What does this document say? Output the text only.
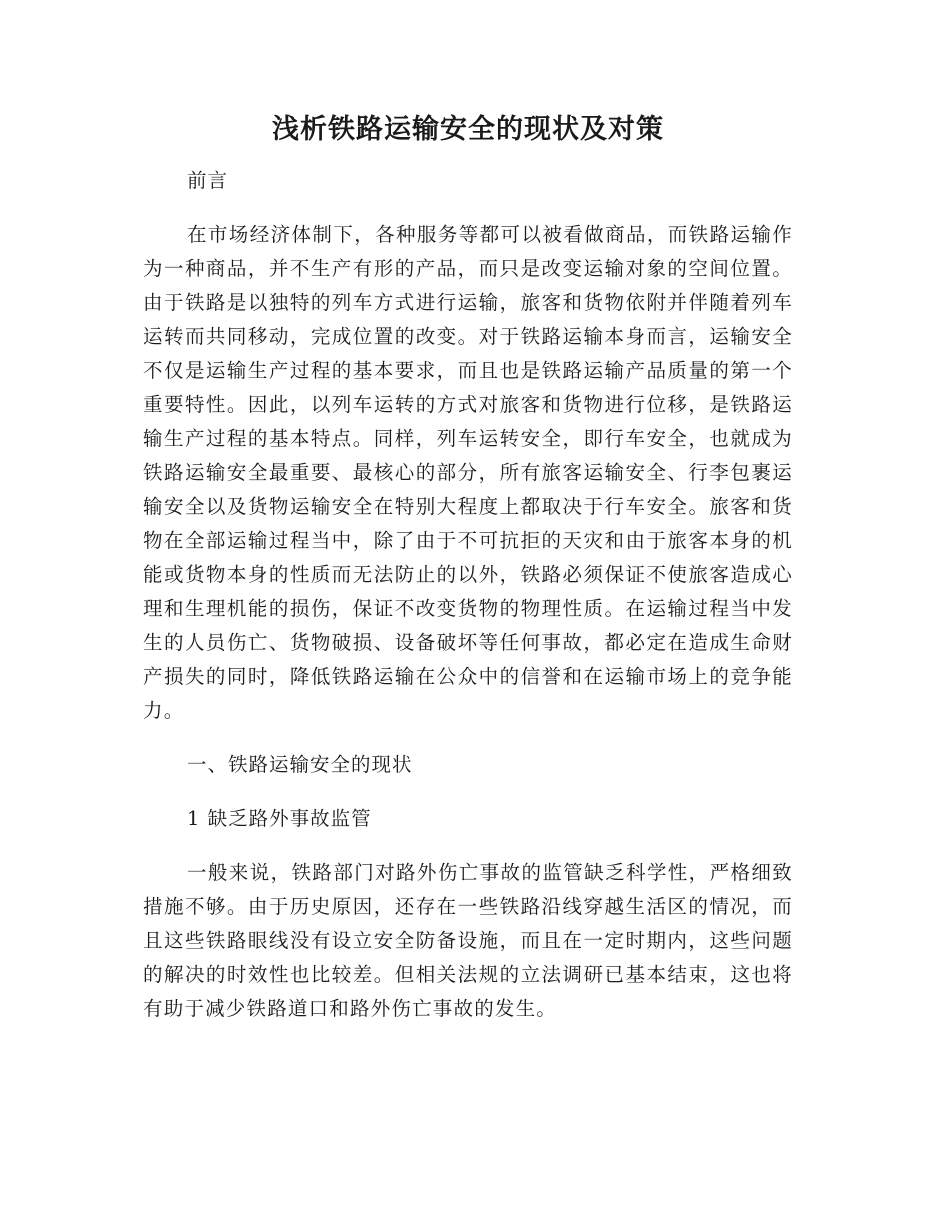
浅析铁路运输安全的现状及对策

前言

在市场经济体制下，各种服务等都可以被看做商品，而铁路运输作为一种商品，并不生产有形的产品，而只是改变运输对象的空间位置。由于铁路是以独特的列车方式进行运输，旅客和货物依附并伴随着列车运转而共同移动，完成位置的改变。对于铁路运输本身而言，运输安全不仅是运输生产过程的基本要求，而且也是铁路运输产品质量的第一个重要特性。因此，以列车运转的方式对旅客和货物进行位移，是铁路运输生产过程的基本特点。同样，列车运转安全，即行车安全，也就成为铁路运输安全最重要、最核心的部分，所有旅客运输安全、行李包裹运输安全以及货物运输安全在特别大程度上都取决于行车安全。旅客和货物在全部运输过程当中，除了由于不可抗拒的天灾和由于旅客本身的机能或货物本身的性质而无法防止的以外，铁路必须保证不使旅客造成心理和生理机能的损伤，保证不改变货物的物理性质。在运输过程当中发生的人员伤亡、货物破损、设备破坏等任何事故，都必定在造成生命财产损失的同时，降低铁路运输在公众中的信誉和在运输市场上的竞争能力。

一、铁路运输安全的现状

1 缺乏路外事故监管

一般来说，铁路部门对路外伤亡事故的监管缺乏科学性，严格细致措施不够。由于历史原因，还存在一些铁路沿线穿越生活区的情况，而且这些铁路眼线没有设立安全防备设施，而且在一定时期内，这些问题的解决的时效性也比较差。但相关法规的立法调研已基本结束，这也将有助于减少铁路道口和路外伤亡事故的发生。
